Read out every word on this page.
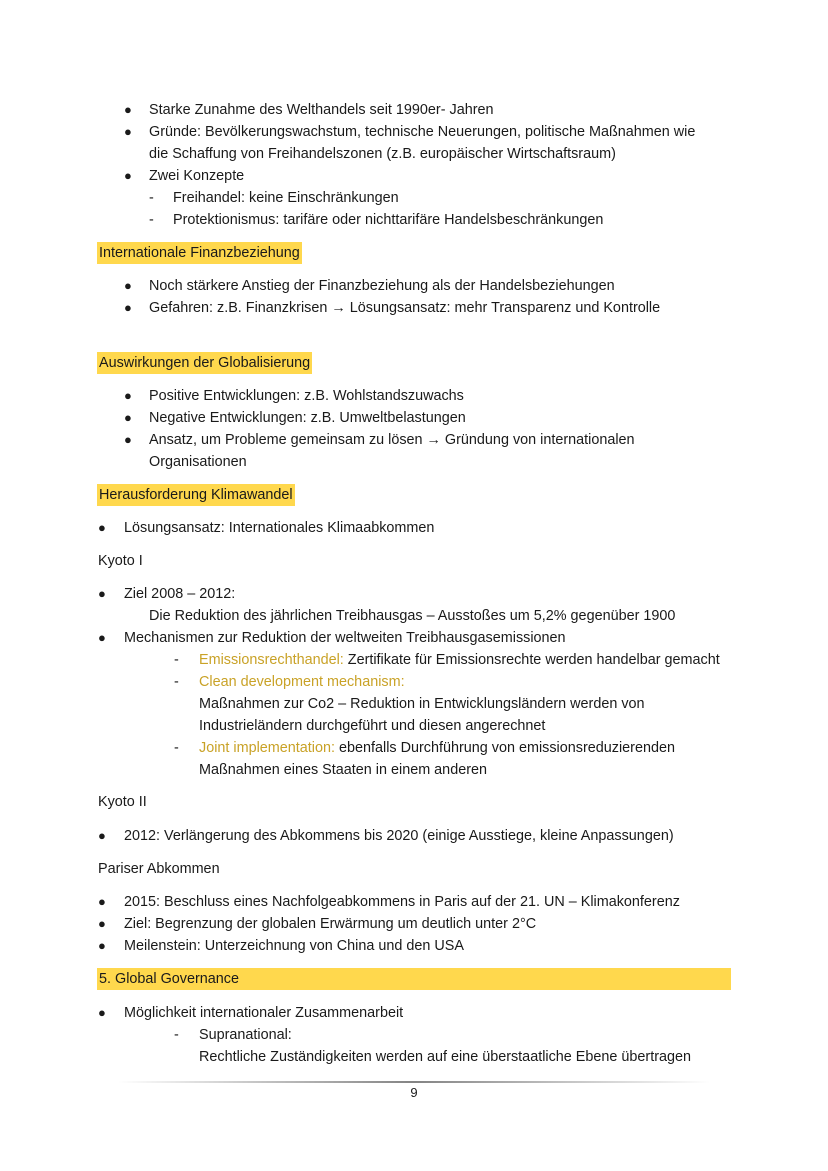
● Starke Zunahme des Welthandels seit 1990er- Jahren
● Gründe: Bevölkerungswachstum, technische Neuerungen, politische Maßnahmen wie
die Schaffung von Freihandelszonen (z.B. europäischer Wirtschaftsraum)
● Zwei Konzepte
- Freihandel: keine Einschränkungen
- Protektionismus: tarifäre oder nichttarifäre Handelsbeschränkungen
Internationale Finanzbeziehung
● Noch stärkere Anstieg der Finanzbeziehung als der Handelsbeziehungen
● Gefahren: z.B. Finanzkrisen → Lösungsansatz: mehr Transparenz und Kontrolle
Auswirkungen der Globalisierung
● Positive Entwicklungen: z.B. Wohlstandszuwachs
● Negative Entwicklungen: z.B. Umweltbelastungen
● Ansatz, um Probleme gemeinsam zu lösen → Gründung von internationalen
Organisationen
Herausforderung Klimawandel
● Lösungsansatz: Internationales Klimaabkommen
Kyoto I
● Ziel 2008 – 2012:
Die Reduktion des jährlichen Treibhausgas – Ausstoßes um 5,2% gegenüber 1900
● Mechanismen zur Reduktion der weltweiten Treibhausgasemissionen
- Emissionsrechthandel: Zertifikate für Emissionsrechte werden handelbar gemacht
- Clean development mechanism:
Maßnahmen zur Co2 – Reduktion in Entwicklungsländern werden von
Industrieländern durchgeführt und diesen angerechnet
- Joint implementation: ebenfalls Durchführung von emissionsreduzierenden
Maßnahmen eines Staaten in einem anderen
Kyoto II
● 2012: Verlängerung des Abkommens bis 2020 (einige Ausstiege, kleine Anpassungen)
Pariser Abkommen
● 2015: Beschluss eines Nachfolgeabkommens in Paris auf der 21. UN – Klimakonferenz
● Ziel: Begrenzung der globalen Erwärmung um deutlich unter 2°C
● Meilenstein: Unterzeichnung von China und den USA
5. Global Governance
● Möglichkeit internationaler Zusammenarbeit
- Supranational:
Rechtliche Zuständigkeiten werden auf eine überstaatliche Ebene übertragen
9
